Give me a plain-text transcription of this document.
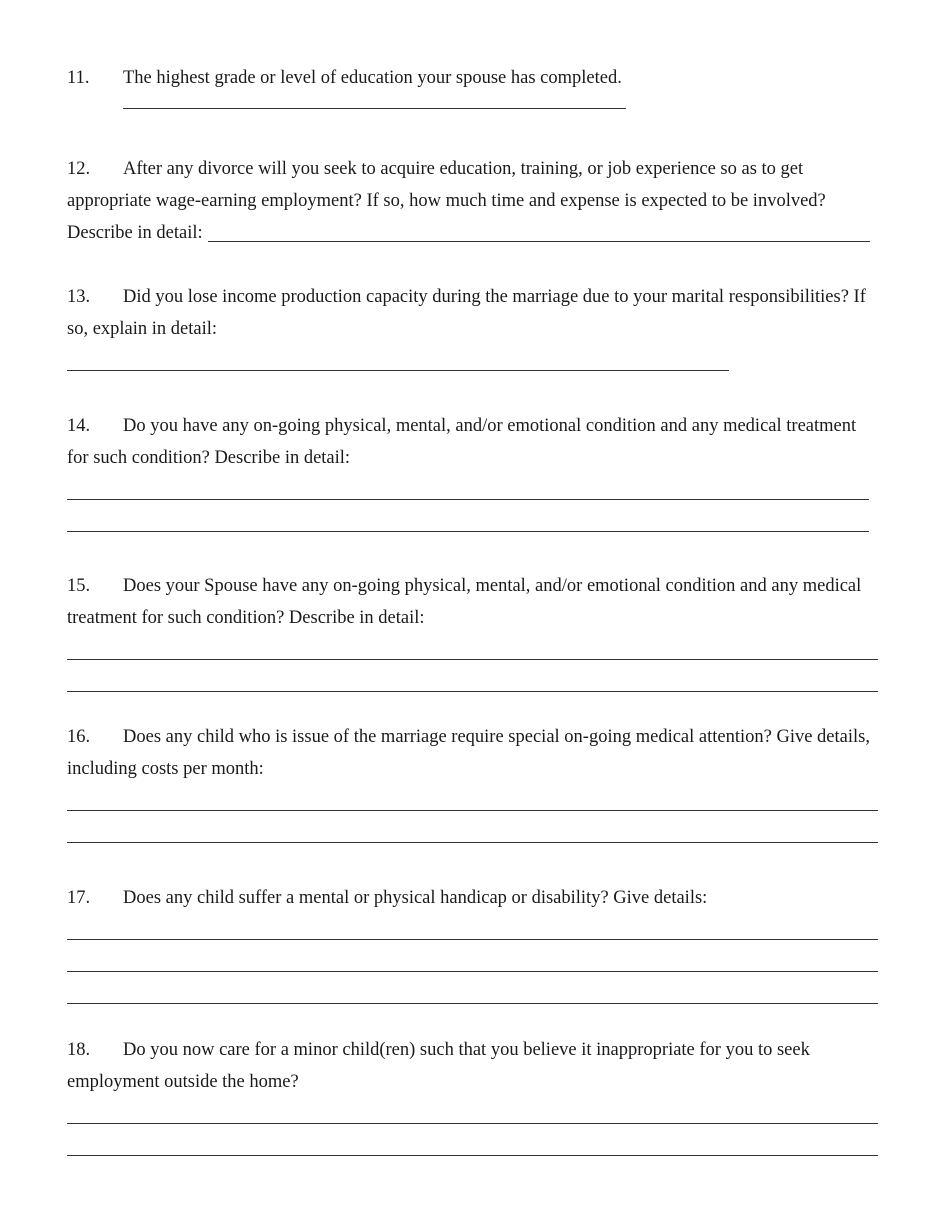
11. The highest grade or level of education your spouse has completed.
12. After any divorce will you seek to acquire education, training, or job experience so as to get
appropriate wage-earning employment? If so, how much time and expense is expected to be involved?
Describe in detail:
13. Did you lose income production capacity during the marriage due to your marital responsibilities? If
so, explain in detail:
14. Do you have any on-going physical, mental, and/or emotional condition and any medical treatment
for such condition? Describe in detail:
15. Does your Spouse have any on-going physical, mental, and/or emotional condition and any medical
treatment for such condition? Describe in detail:
16. Does any child who is issue of the marriage require special on-going medical attention? Give details,
including costs per month:
17. Does any child suffer a mental or physical handicap or disability? Give details:
18. Do you now care for a minor child(ren) such that you believe it inappropriate for you to seek
employment outside the home?
